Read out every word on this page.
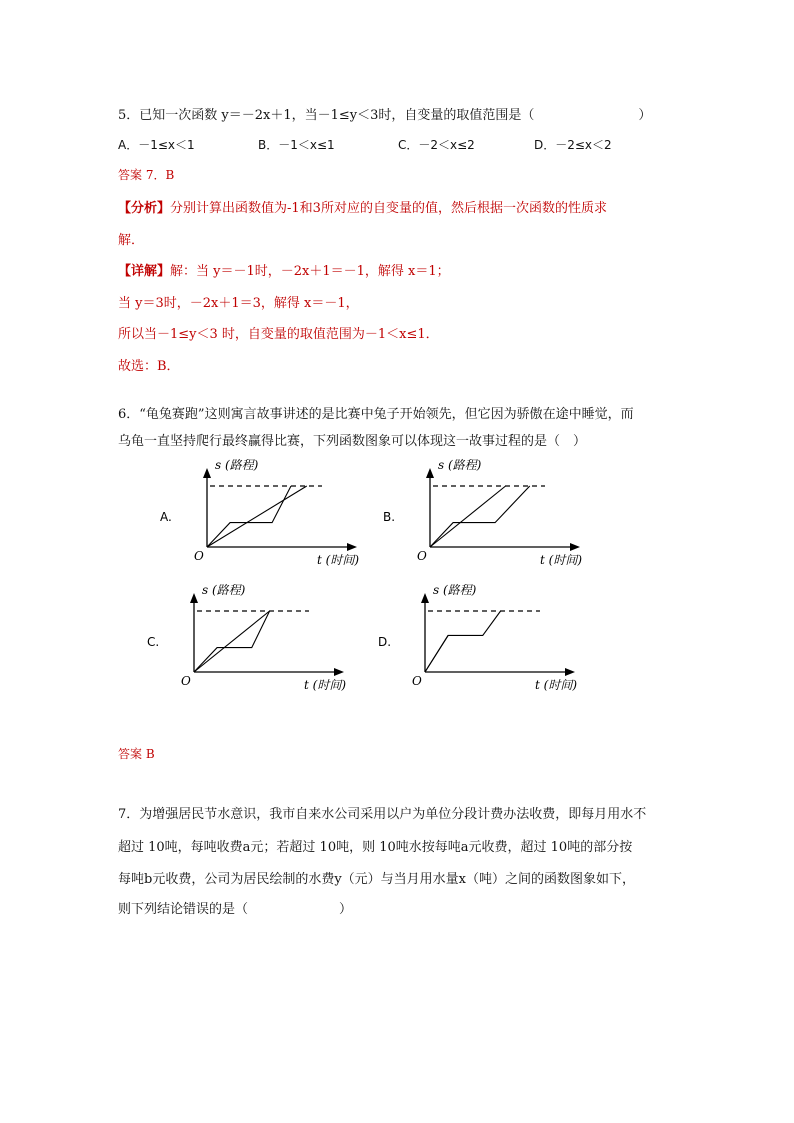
5．已知一次函数 y＝－2x＋1，当－1≤y＜3时，自变量的取值范围是（　　　　　　　　）
A．－1≤x＜1	B．－1＜x≤1	C．－2＜x≤2	D．－2≤x＜2
答案 7．B
【分析】分别计算出函数值为-1和3所对应的自变量的值，然后根据一次函数的性质求
解．
【详解】解：当 y＝－1时，－2x＋1＝－1，解得 x＝1；
当 y＝3时，－2x＋1＝3，解得 x＝－1，
所以当－1≤y＜3 时，自变量的取值范围为－1＜x≤1．
故选：B．
6．“龟兔赛跑”这则寓言故事讲述的是比赛中兔子开始领先，但它因为骄傲在途中睡觉，而
乌龟一直坚持爬行最终赢得比赛，下列函数图象可以体现这一故事过程的是（　）
A.
s (路程)
t (时间)
O
B.
s (路程)
t (时间)
O
C.
s (路程)
t (时间)
O
D.
s (路程)
t (时间)
O
答案 B
7．为增强居民节水意识，我市自来水公司采用以户为单位分段计费办法收费，即每月用水不
超过 10吨，每吨收费a元；若超过 10吨，则 10吨水按每吨a元收费，超过 10吨的部分按
每吨b元收费，公司为居民绘制的水费y（元）与当月用水量x（吨）之间的函数图象如下，
则下列结论错误的是（　　　　　　　）
